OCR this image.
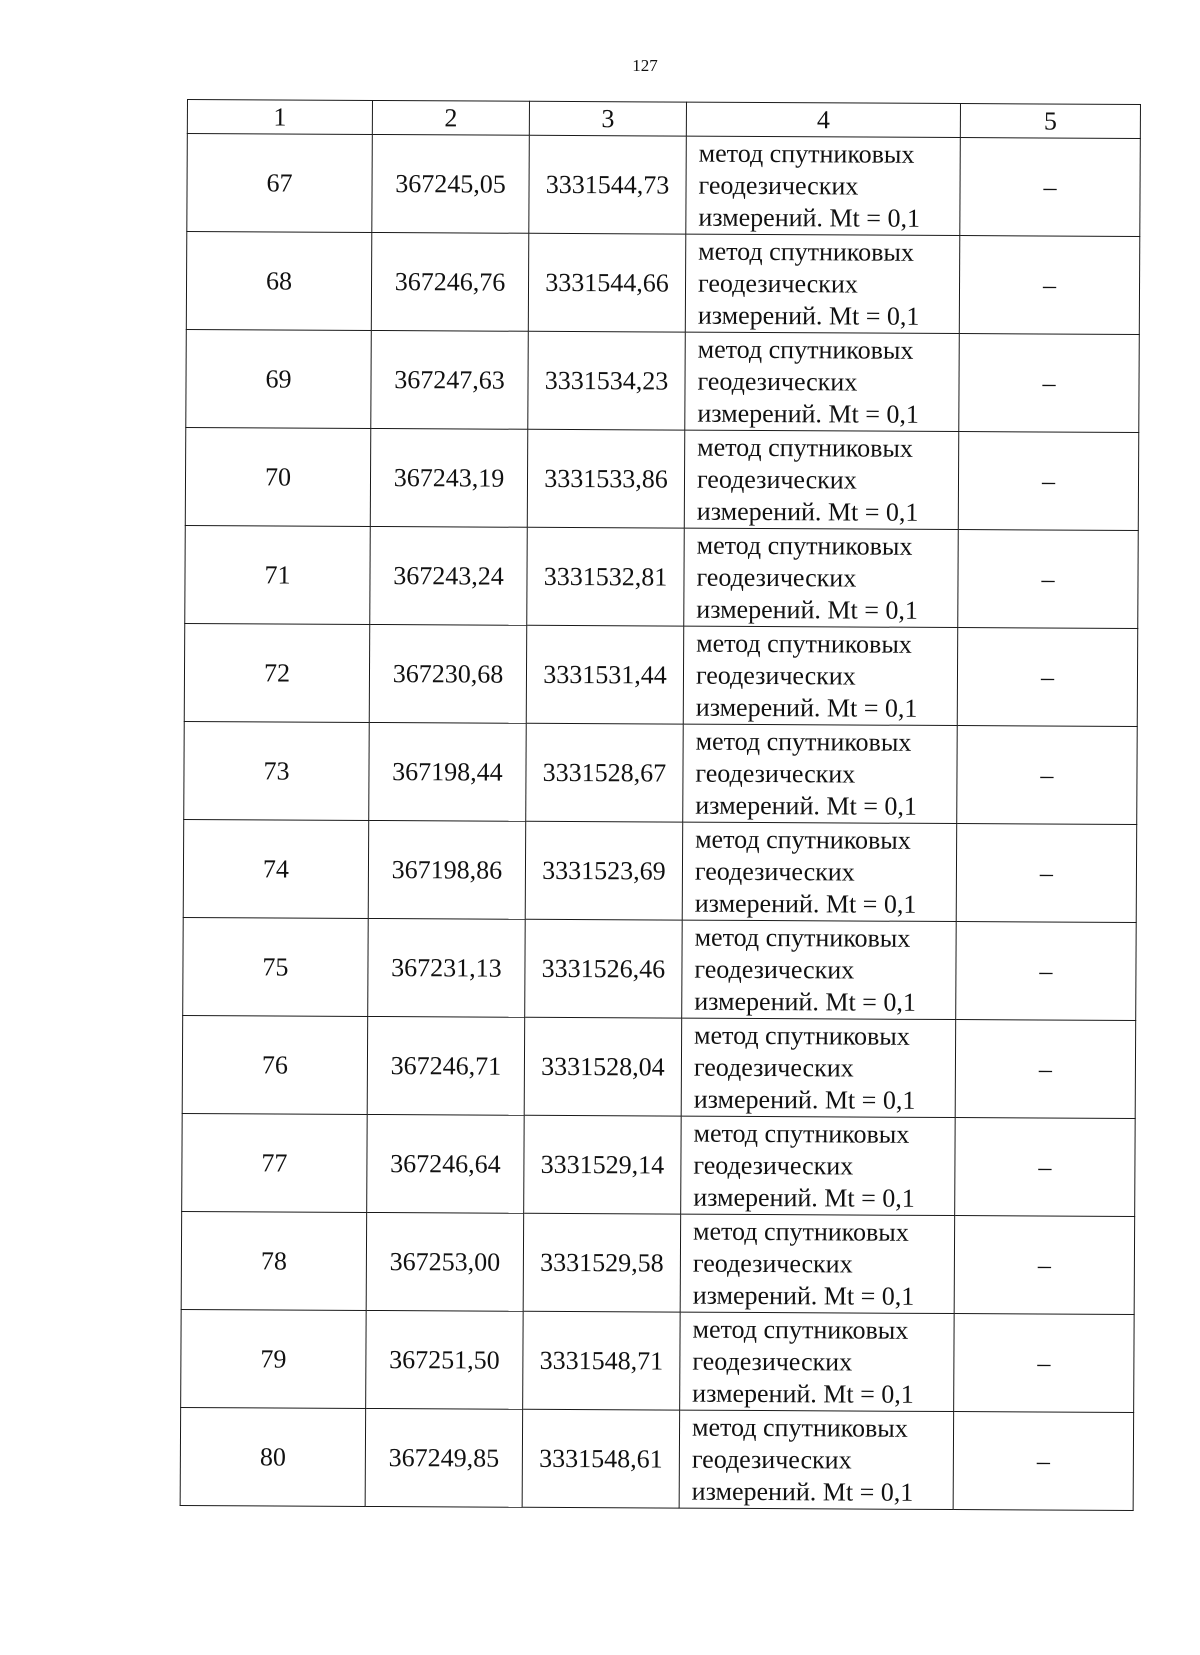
127
1	2	3	4	5
67	367245,05	3331544,73	метод спутниковых геодезических измерений. Mt = 0,1	–
68	367246,76	3331544,66	метод спутниковых геодезических измерений. Mt = 0,1	–
69	367247,63	3331534,23	метод спутниковых геодезических измерений. Mt = 0,1	–
70	367243,19	3331533,86	метод спутниковых геодезических измерений. Mt = 0,1	–
71	367243,24	3331532,81	метод спутниковых геодезических измерений. Mt = 0,1	–
72	367230,68	3331531,44	метод спутниковых геодезических измерений. Mt = 0,1	–
73	367198,44	3331528,67	метод спутниковых геодезических измерений. Mt = 0,1	–
74	367198,86	3331523,69	метод спутниковых геодезических измерений. Mt = 0,1	–
75	367231,13	3331526,46	метод спутниковых геодезических измерений. Mt = 0,1	–
76	367246,71	3331528,04	метод спутниковых геодезических измерений. Mt = 0,1	–
77	367246,64	3331529,14	метод спутниковых геодезических измерений. Mt = 0,1	–
78	367253,00	3331529,58	метод спутниковых геодезических измерений. Mt = 0,1	–
79	367251,50	3331548,71	метод спутниковых геодезических измерений. Mt = 0,1	–
80	367249,85	3331548,61	метод спутниковых геодезических измерений. Mt = 0,1	–
